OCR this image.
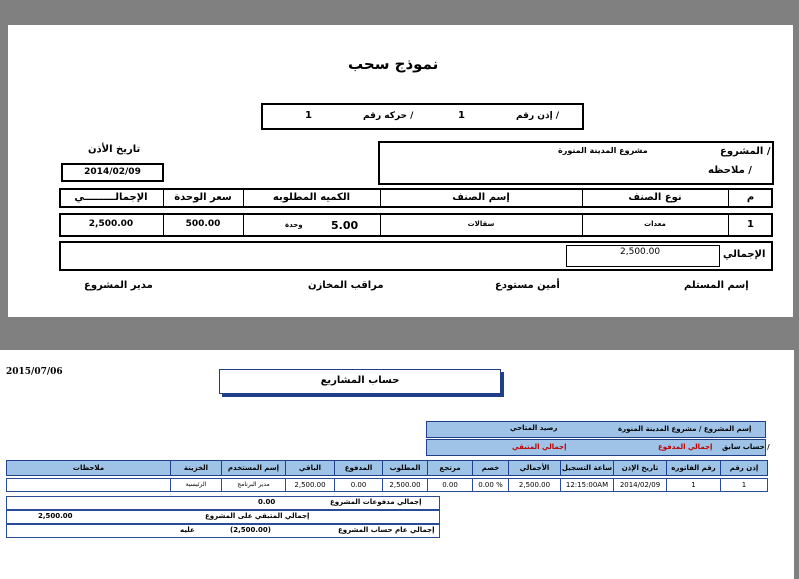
نموذج سحب
إذن رقم /
1
حركه رقم /
1
تاريخ الأذن
2014/02/09
المشروع /
مشروع المدينة المنورة
ملاحظه /
م
نوع الصنف
إسم الصنف
الكميه المطلوبه
سعر الوحدة
الإجمالـــــــــي
1
معدات
سقالات
5.00
وحدة
500.00
2,500.00
الإجمالي
2,500.00
إسم المستلم
أمين مستودع
مراقب المخازن
مدير المشروع
2015/07/06
حساب المشاريع
إسم المشروع / مشروع المدينة المنورة
رصيد المتاحي
حساب سابق /
إجمالي المدفوع
إجمالي المتبقي
إذن رقم
رقم الفاتوره
تاريخ الإذن
ساعة التسجيل
الأجمالي
خصم
مرتجع
المطلوب
المدفوع
الباقي
إسم المستخدم
الخزينة
ملاحظات
1
1
2014/02/09
12:15:00AM
2,500.00
0.00 %
0.00
2,500.00
0.00
2,500.00
مدير البرنامج
الرئيسية
إجمالي مدفوعات المشروع
0.00
إجمالي المتبقي على المشروع
2,500.00
إجمالي عام حساب المشروع
(2,500.00)
عليه
